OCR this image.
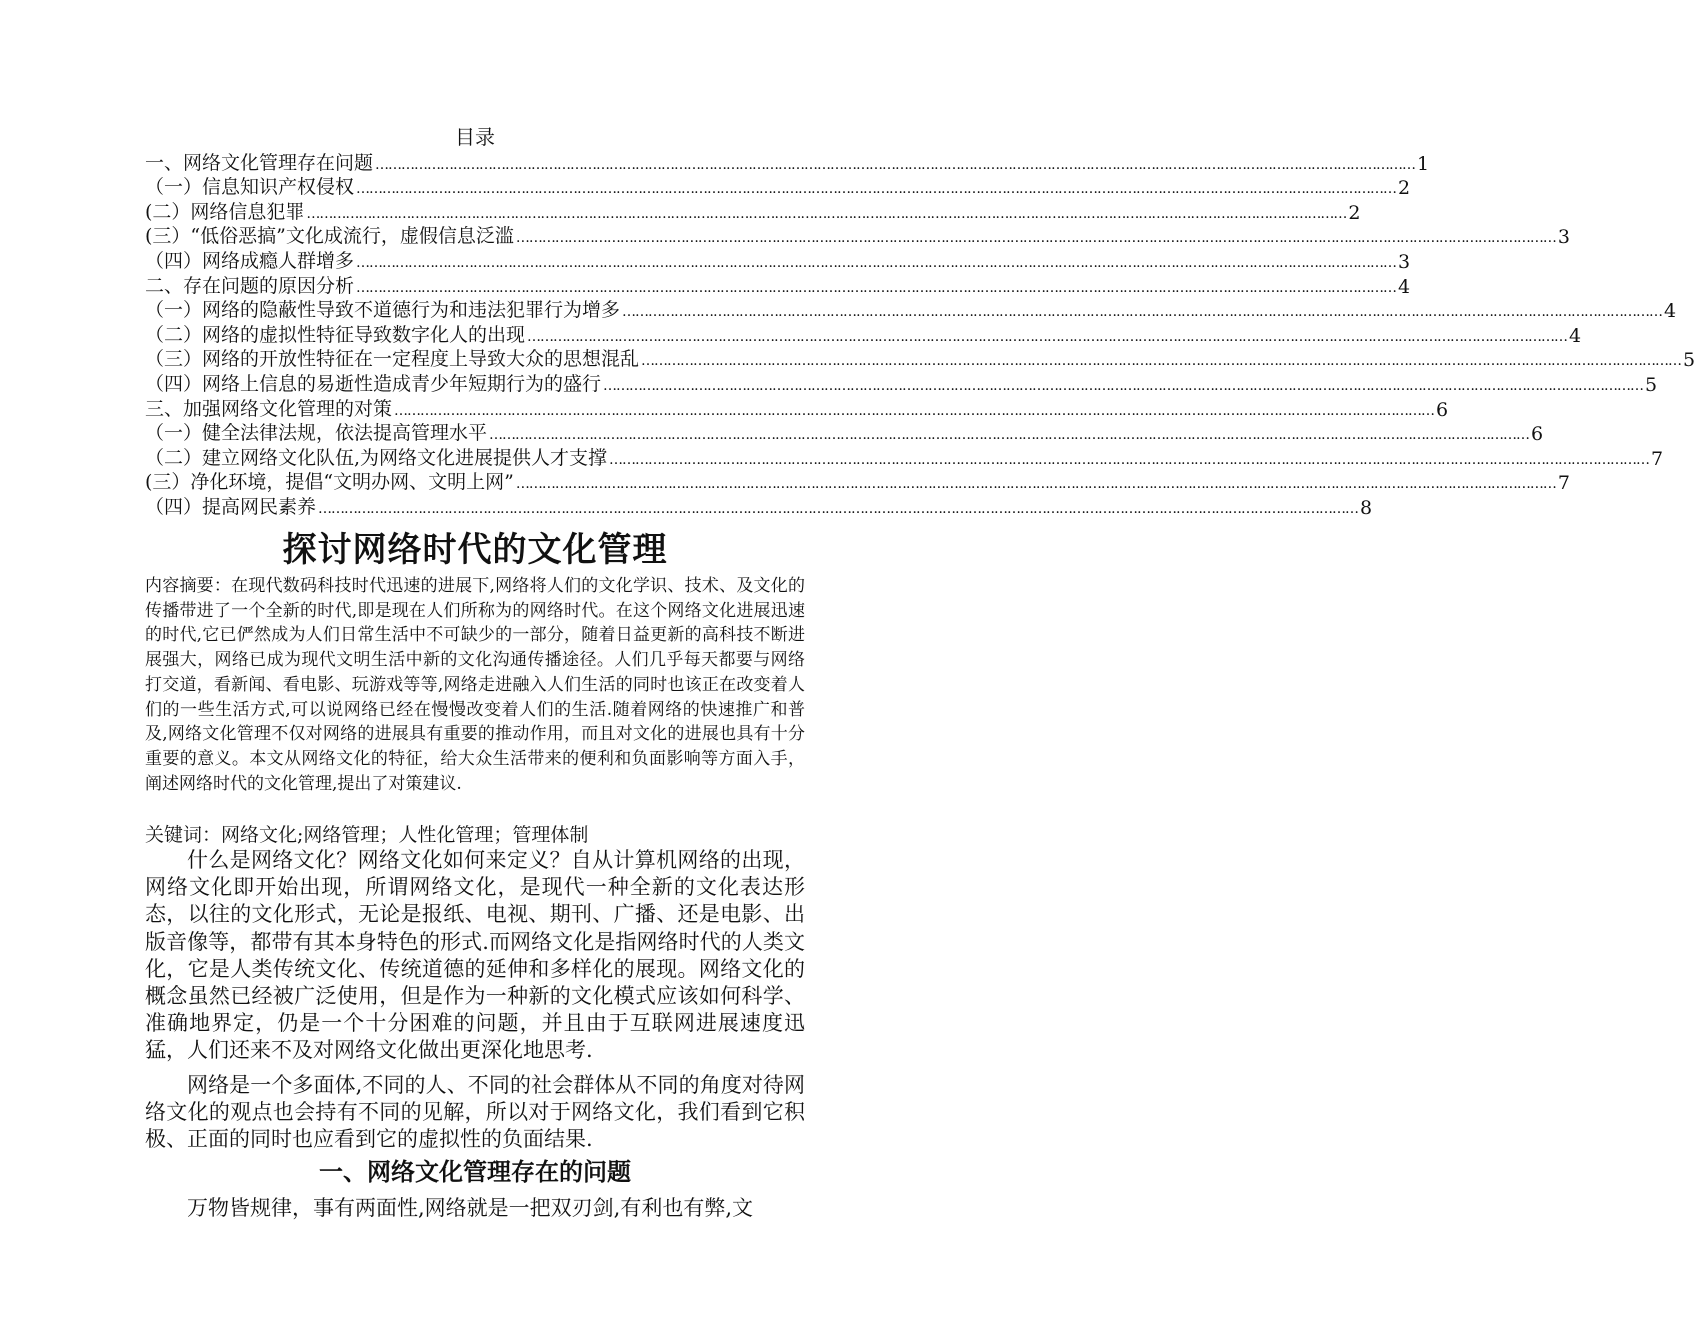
目录
一、网络文化管理存在问题 …………………………………………………………………………………………………………………………………………………………………………………………………………………… 1
（一）信息知识产权侵权 …………………………………………………………………………………………………………………………………………………………………………………………………………………… 2
(二）网络信息犯罪 …………………………………………………………………………………………………………………………………………………………………………………………………………………… 2
(三）“低俗恶搞”文化成流行，虚假信息泛滥 …………………………………………………………………………………………………………………………………………………………………………………………………………………… 3
（四）网络成瘾人群增多 …………………………………………………………………………………………………………………………………………………………………………………………………………………… 3
二、存在问题的原因分析 …………………………………………………………………………………………………………………………………………………………………………………………………………………… 4
（一）网络的隐蔽性导致不道德行为和违法犯罪行为增多 …………………………………………………………………………………………………………………………………………………………………………………………………………………… 4
（二）网络的虚拟性特征导致数字化人的出现 …………………………………………………………………………………………………………………………………………………………………………………………………………………… 4
（三）网络的开放性特征在一定程度上导致大众的思想混乱 …………………………………………………………………………………………………………………………………………………………………………………………………………………… 5
（四）网络上信息的易逝性造成青少年短期行为的盛行 …………………………………………………………………………………………………………………………………………………………………………………………………………………… 5
三、加强网络文化管理的对策 …………………………………………………………………………………………………………………………………………………………………………………………………………………… 6
（一）健全法律法规，依法提高管理水平 …………………………………………………………………………………………………………………………………………………………………………………………………………………… 6
（二）建立网络文化队伍,为网络文化进展提供人才支撑 …………………………………………………………………………………………………………………………………………………………………………………………………………………… 7
(三）净化环境，提倡“文明办网、文明上网” …………………………………………………………………………………………………………………………………………………………………………………………………………………… 7
（四）提高网民素养 …………………………………………………………………………………………………………………………………………………………………………………………………………………… 8
探讨网络时代的文化管理
内容摘要：在现代数码科技时代迅速的进展下,网络将人们的文化学识、技术、及文化的传播带进了一个全新的时代,即是现在人们所称为的网络时代。在这个网络文化进展迅速的时代,它已俨然成为人们日常生活中不可缺少的一部分，随着日益更新的高科技不断进展强大，网络已成为现代文明生活中新的文化沟通传播途径。人们几乎每天都要与网络打交道，看新闻、看电影、玩游戏等等,网络走进融入人们生活的同时也该正在改变着人们的一些生活方式,可以说网络已经在慢慢改变着人们的生活.随着网络的快速推广和普及,网络文化管理不仅对网络的进展具有重要的推动作用，而且对文化的进展也具有十分重要的意义。本文从网络文化的特征，给大众生活带来的便利和负面影响等方面入手，阐述网络时代的文化管理,提出了对策建议.
关键词：网络文化;网络管理；人性化管理；管理体制
什么是网络文化？网络文化如何来定义？自从计算机网络的出现，网络文化即开始出现，所谓网络文化，是现代一种全新的文化表达形态，以往的文化形式，无论是报纸、电视、期刊、广播、还是电影、出版音像等，都带有其本身特色的形式.而网络文化是指网络时代的人类文化，它是人类传统文化、传统道德的延伸和多样化的展现。网络文化的概念虽然已经被广泛使用，但是作为一种新的文化模式应该如何科学、准确地界定，仍是一个十分困难的问题，并且由于互联网进展速度迅猛，人们还来不及对网络文化做出更深化地思考.
网络是一个多面体,不同的人、不同的社会群体从不同的角度对待网络文化的观点也会持有不同的见解，所以对于网络文化，我们看到它积极、正面的同时也应看到它的虚拟性的负面结果.
一、网络文化管理存在的问题
万物皆规律，事有两面性,网络就是一把双刃剑,有利也有弊,文
